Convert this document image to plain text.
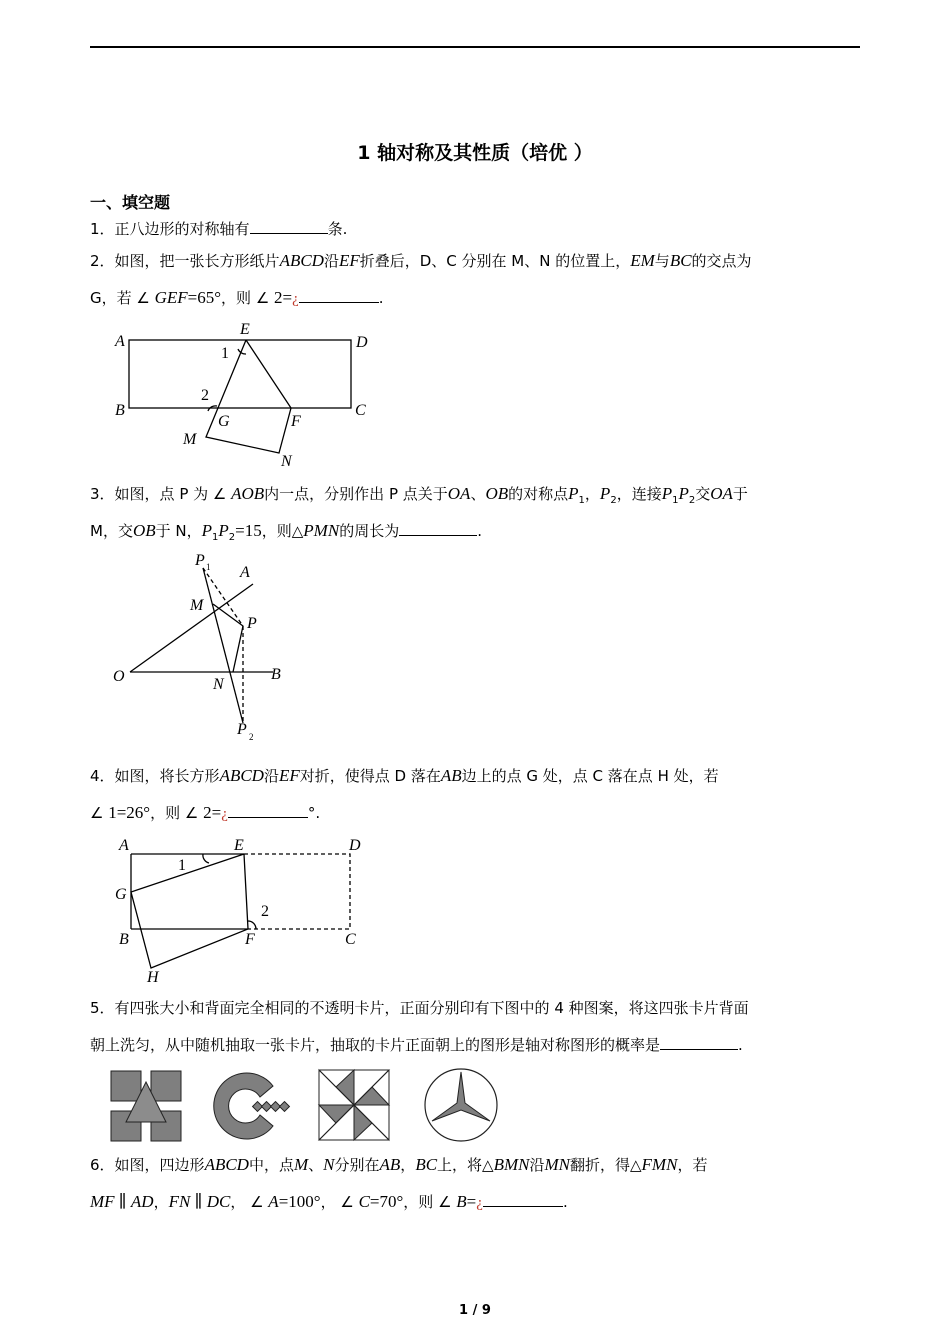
1 轴对称及其性质（培优 ）
一、填空题
1．正八边形的对称轴有	条.
2．如图，把一张长方形纸片ABCD沿EF折叠后，D、C 分别在 M、N 的位置上，EM与BC的交点为
G，若 ∠ GEF=65°，则 ∠ 2=¿	.
A
E
D
1
2
B
G	F
C
M
N
3．如图，点 P 为 ∠ AOB内一点，分别作出 P 点关于OA、OB的对称点$P_1$，$P_2$，连接$P_1P_2$交OA于
M，交OB于 N，$P_1P_2=15$，则△PMN的周长为	.
P 1 A
M
P
O	N
B
P 2
4．如图，将长方形ABCD沿EF对折，使得点 D 落在AB边上的点 G 处，点 C 落在点 H 处，若
∠ 1=26°，则 ∠ 2=¿	°.
A	E	D
1
G
2
B	F	C
H
5．有四张大小和背面完全相同的不透明卡片，正面分别印有下图中的 4 种图案，将这四张卡片背面
朝上洗匀，从中随机抽取一张卡片，抽取的卡片正面朝上的图形是轴对称图形的概率是	.
6．如图，四边形ABCD中，点M、N分别在AB，BC上，将△BMN沿MN翻折，得△FMN，若
MF ∥ AD，FN ∥ DC， ∠ A=100°， ∠ C=70°，则 ∠ B=¿	.
1 / 9
